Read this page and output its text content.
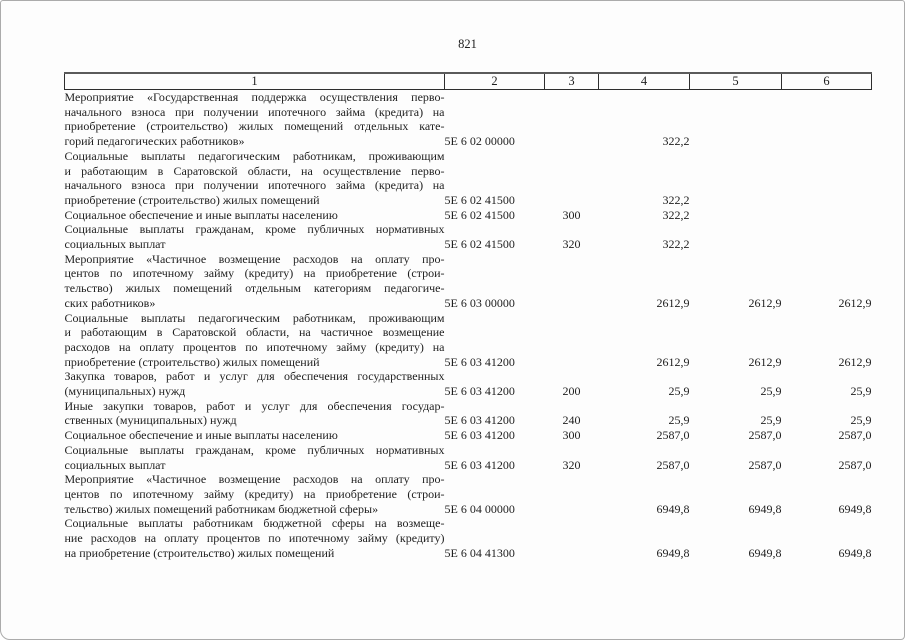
821
1	2	3	4	5	6

Мероприятие «Государственная поддержка осуществления перво-
начального взноса при получении ипотечного займа (кредита) на
приобретение (строительство) жилых помещений отдельных кате-
горий педагогических работников»	5Е 6 02 00000		322,2		

Социальные выплаты педагогическим работникам, проживающим
и работающим в Саратовской области, на осуществление перво-
начального взноса при получении ипотечного займа (кредита) на
приобретение (строительство) жилых помещений	5Е 6 02 41500		322,2		

Социальное обеспечение и иные выплаты населению	5Е 6 02 41500	300	322,2		

Социальные выплаты гражданам, кроме публичных нормативных
социальных выплат	5Е 6 02 41500	320	322,2		

Мероприятие «Частичное возмещение расходов на оплату про-
центов по ипотечному займу (кредиту) на приобретение (строи-
тельство) жилых помещений отдельным категориям педагогиче-
ских работников»	5Е 6 03 00000		2612,9	2612,9	2612,9

Социальные выплаты педагогическим работникам, проживающим
и работающим в Саратовской области, на частичное возмещение
расходов на оплату процентов по ипотечному займу (кредиту) на
приобретение (строительство) жилых помещений	5Е 6 03 41200		2612,9	2612,9	2612,9

Закупка товаров, работ и услуг для обеспечения государственных
(муниципальных) нужд	5Е 6 03 41200	200	25,9	25,9	25,9

Иные закупки товаров, работ и услуг для обеспечения государ-
ственных (муниципальных) нужд	5Е 6 03 41200	240	25,9	25,9	25,9

Социальное обеспечение и иные выплаты населению	5Е 6 03 41200	300	2587,0	2587,0	2587,0

Социальные выплаты гражданам, кроме публичных нормативных
социальных выплат	5Е 6 03 41200	320	2587,0	2587,0	2587,0

Мероприятие «Частичное возмещение расходов на оплату про-
центов по ипотечному займу (кредиту) на приобретение (строи-
тельство) жилых помещений работникам бюджетной сферы»	5Е 6 04 00000		6949,8	6949,8	6949,8

Социальные выплаты работникам бюджетной сферы на возмеще-
ние расходов на оплату процентов по ипотечному займу (кредиту)
на приобретение (строительство) жилых помещений	5Е 6 04 41300		6949,8	6949,8	6949,8
